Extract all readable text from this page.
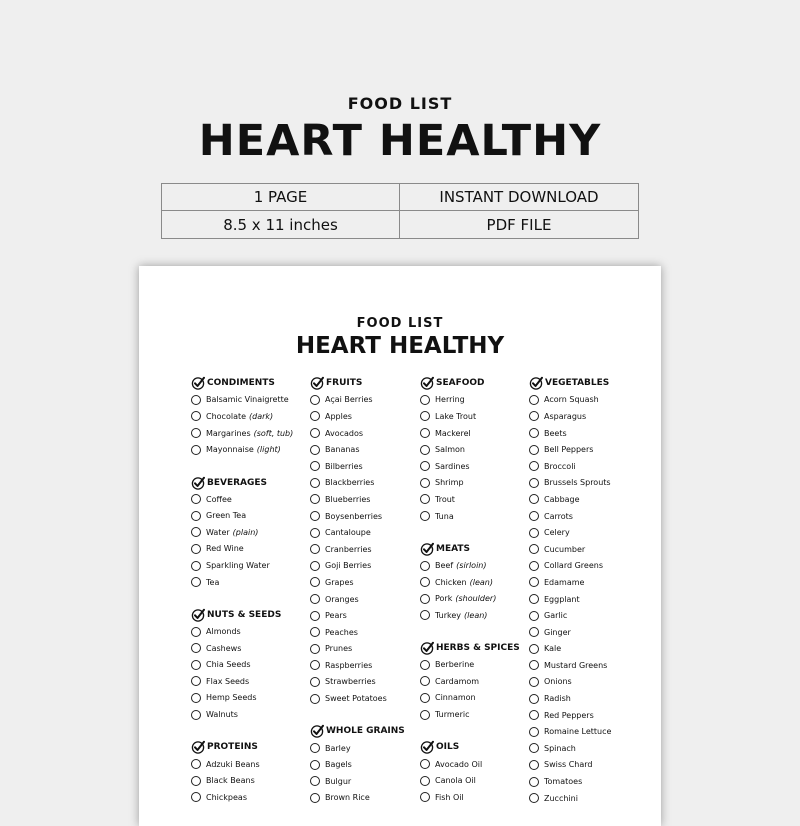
FOOD LIST
HEART HEALTHY
1 PAGE	INSTANT DOWNLOAD
8.5 x 11 inches	PDF FILE
FOOD LIST
HEART HEALTHY
CONDIMENTS
Balsamic Vinaigrette
Chocolate (dark)
Margarines (soft, tub)
Mayonnaise (light)
BEVERAGES
Coffee
Green Tea
Water (plain)
Red Wine
Sparkling Water
Tea
NUTS & SEEDS
Almonds
Cashews
Chia Seeds
Flax Seeds
Hemp Seeds
Walnuts
PROTEINS
Adzuki Beans
Black Beans
Chickpeas
FRUITS
Açai Berries
Apples
Avocados
Bananas
Bilberries
Blackberries
Blueberries
Boysenberries
Cantaloupe
Cranberries
Goji Berries
Grapes
Oranges
Pears
Peaches
Prunes
Raspberries
Strawberries
Sweet Potatoes
WHOLE GRAINS
Barley
Bagels
Bulgur
Brown Rice
SEAFOOD
Herring
Lake Trout
Mackerel
Salmon
Sardines
Shrimp
Trout
Tuna
MEATS
Beef (sirloin)
Chicken (lean)
Pork (shoulder)
Turkey (lean)
HERBS & SPICES
Berberine
Cardamom
Cinnamon
Turmeric
OILS
Avocado Oil
Canola Oil
Fish Oil
VEGETABLES
Acorn Squash
Asparagus
Beets
Bell Peppers
Broccoli
Brussels Sprouts
Cabbage
Carrots
Celery
Cucumber
Collard Greens
Edamame
Eggplant
Garlic
Ginger
Kale
Mustard Greens
Onions
Radish
Red Peppers
Romaine Lettuce
Spinach
Swiss Chard
Tomatoes
Zucchini
